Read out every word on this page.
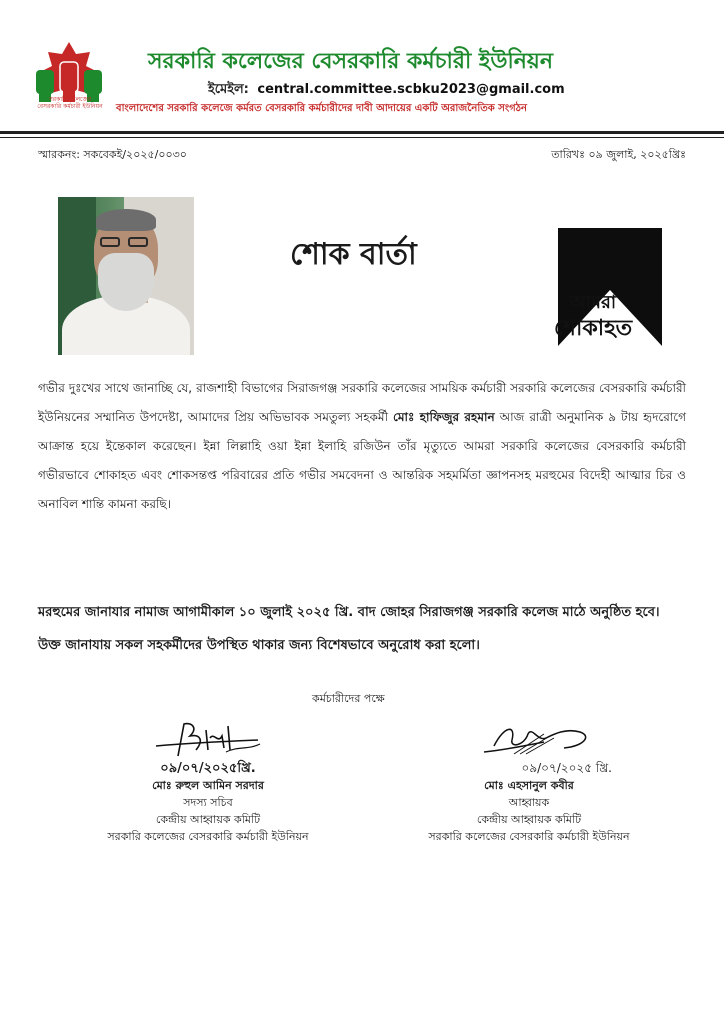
সরকারি কলেজের
বেসরকারি কর্মচারী ইউনিয়ন
সরকারি কলেজের বেসরকারি কর্মচারী ইউনিয়ন
ইমেইল: central.committee.scbku2023@gmail.com
বাংলাদেশের সরকারি কলেজে কর্মরত বেসরকারি কর্মচারীদের দাবী আদায়ের একটি অরাজনৈতিক সংগঠন
স্মারকনং: সকবেকই/২০২৫/০০৩০	তারিখঃ ০৯ জুলাই, ২০২৫খ্রিঃ
শোক বার্তা
আমরা
শোকাহত
গভীর দুঃখের সাথে জানাচ্ছি যে, রাজশাহী বিভাগের সিরাজগঞ্জ সরকারি কলেজের সাময়িক কর্মচারী সরকারি কলেজের বেসরকারি কর্মচারী ইউনিয়নের সম্মানিত উপদেষ্টা, আমাদের প্রিয় অভিভাবক সমতুল্য সহকর্মী মোঃ হাফিজুর রহমান আজ রাত্রী অনুমানিক ৯ টায় হৃদরোগে আক্রান্ত হয়ে ইন্তেকাল করেছেন। ইন্না লিল্লাহি ওয়া ইন্না ইলাহি রজিউন তাঁর মৃত্যুতে আমরা সরকারি কলেজের বেসরকারি কর্মচারী গভীরভাবে শোকাহত এবং শোকসন্তপ্ত পরিবারের প্রতি গভীর সমবেদনা ও আন্তরিক সহমর্মিতা জ্ঞাপনসহ মরহুমের বিদেহী আত্মার চির ও অনাবিল শান্তি কামনা করছি।
মরহুমের জানাযার নামাজ আগামীকাল ১০ জুলাই ২০২৫ খ্রি. বাদ জোহর সিরাজগঞ্জ সরকারি কলেজ মাঠে অনুষ্ঠিত হবে। উক্ত জানাযায় সকল সহকর্মীদের উপস্থিত থাকার জন্য বিশেষভাবে অনুরোধ করা হলো।
কর্মচারীদের পক্ষে
০৯/০৭/২০২৫খ্রি.
মোঃ রুহুল আমিন সরদার
সদস্য সচিব
কেন্দ্রীয় আহ্বায়ক কমিটি
সরকারি কলেজের বেসরকারি কর্মচারী ইউনিয়ন
০৯/০৭/২০২৫ খ্রি.
মোঃ এহসানুল কবীর
আহ্বায়ক
কেন্দ্রীয় আহ্বায়ক কমিটি
সরকারি কলেজের বেসরকারি কর্মচারী ইউনিয়ন
